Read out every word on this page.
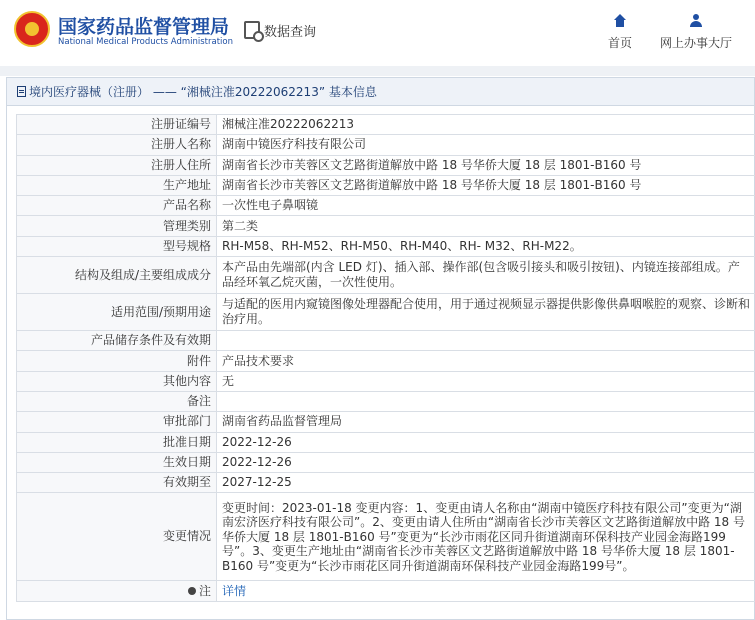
国家药品监督管理局
National Medical Products Administration
数据查询
首页	网上办事大厅
境内医疗器械（注册） —— “湘械注准20222062213” 基本信息
注册证编号	湘械注准20222062213
注册人名称	湖南中镜医疗科技有限公司
注册人住所	湖南省长沙市芙蓉区文艺路街道解放中路 18 号华侨大厦 18 层 1801-B160 号
生产地址	湖南省长沙市芙蓉区文艺路街道解放中路 18 号华侨大厦 18 层 1801-B160 号
产品名称	一次性电子鼻咽镜
管理类别	第二类
型号规格	RH-M58、RH-M52、RH-M50、RH-M40、RH- M32、RH-M22。
结构及组成/主要组成成分	本产品由先端部(内含 LED 灯)、插入部、操作部(包含吸引接头和吸引按钮)、内镜连接部组成。产品经环氧乙烷灭菌，一次性使用。
适用范围/预期用途	与适配的医用内窥镜图像处理器配合使用，用于通过视频显示器提供影像供鼻咽喉腔的观察、诊断和治疗用。
产品储存条件及有效期	
附件	产品技术要求
其他内容	无
备注	
审批部门	湖南省药品监督管理局
批准日期	2022-12-26
生效日期	2022-12-26
有效期至	2027-12-25
变更情况	变更时间：2023-01-18 变更内容：1、变更由请人名称由“湖南中镜医疗科技有限公司”变更为“湖南宏济医疗科技有限公司”。2、变更由请人住所由“湖南省长沙市芙蓉区文艺路街道解放中路 18 号华侨大厦 18 层 1801-B160 号”变更为“长沙市雨花区同升街道湖南环保科技产业园金海路199号”。3、变更生产地址由“湖南省长沙市芙蓉区文艺路街道解放中路 18 号华侨大厦 18 层 1801-B160 号”变更为“长沙市雨花区同升街道湖南环保科技产业园金海路199号”。
注	详情
